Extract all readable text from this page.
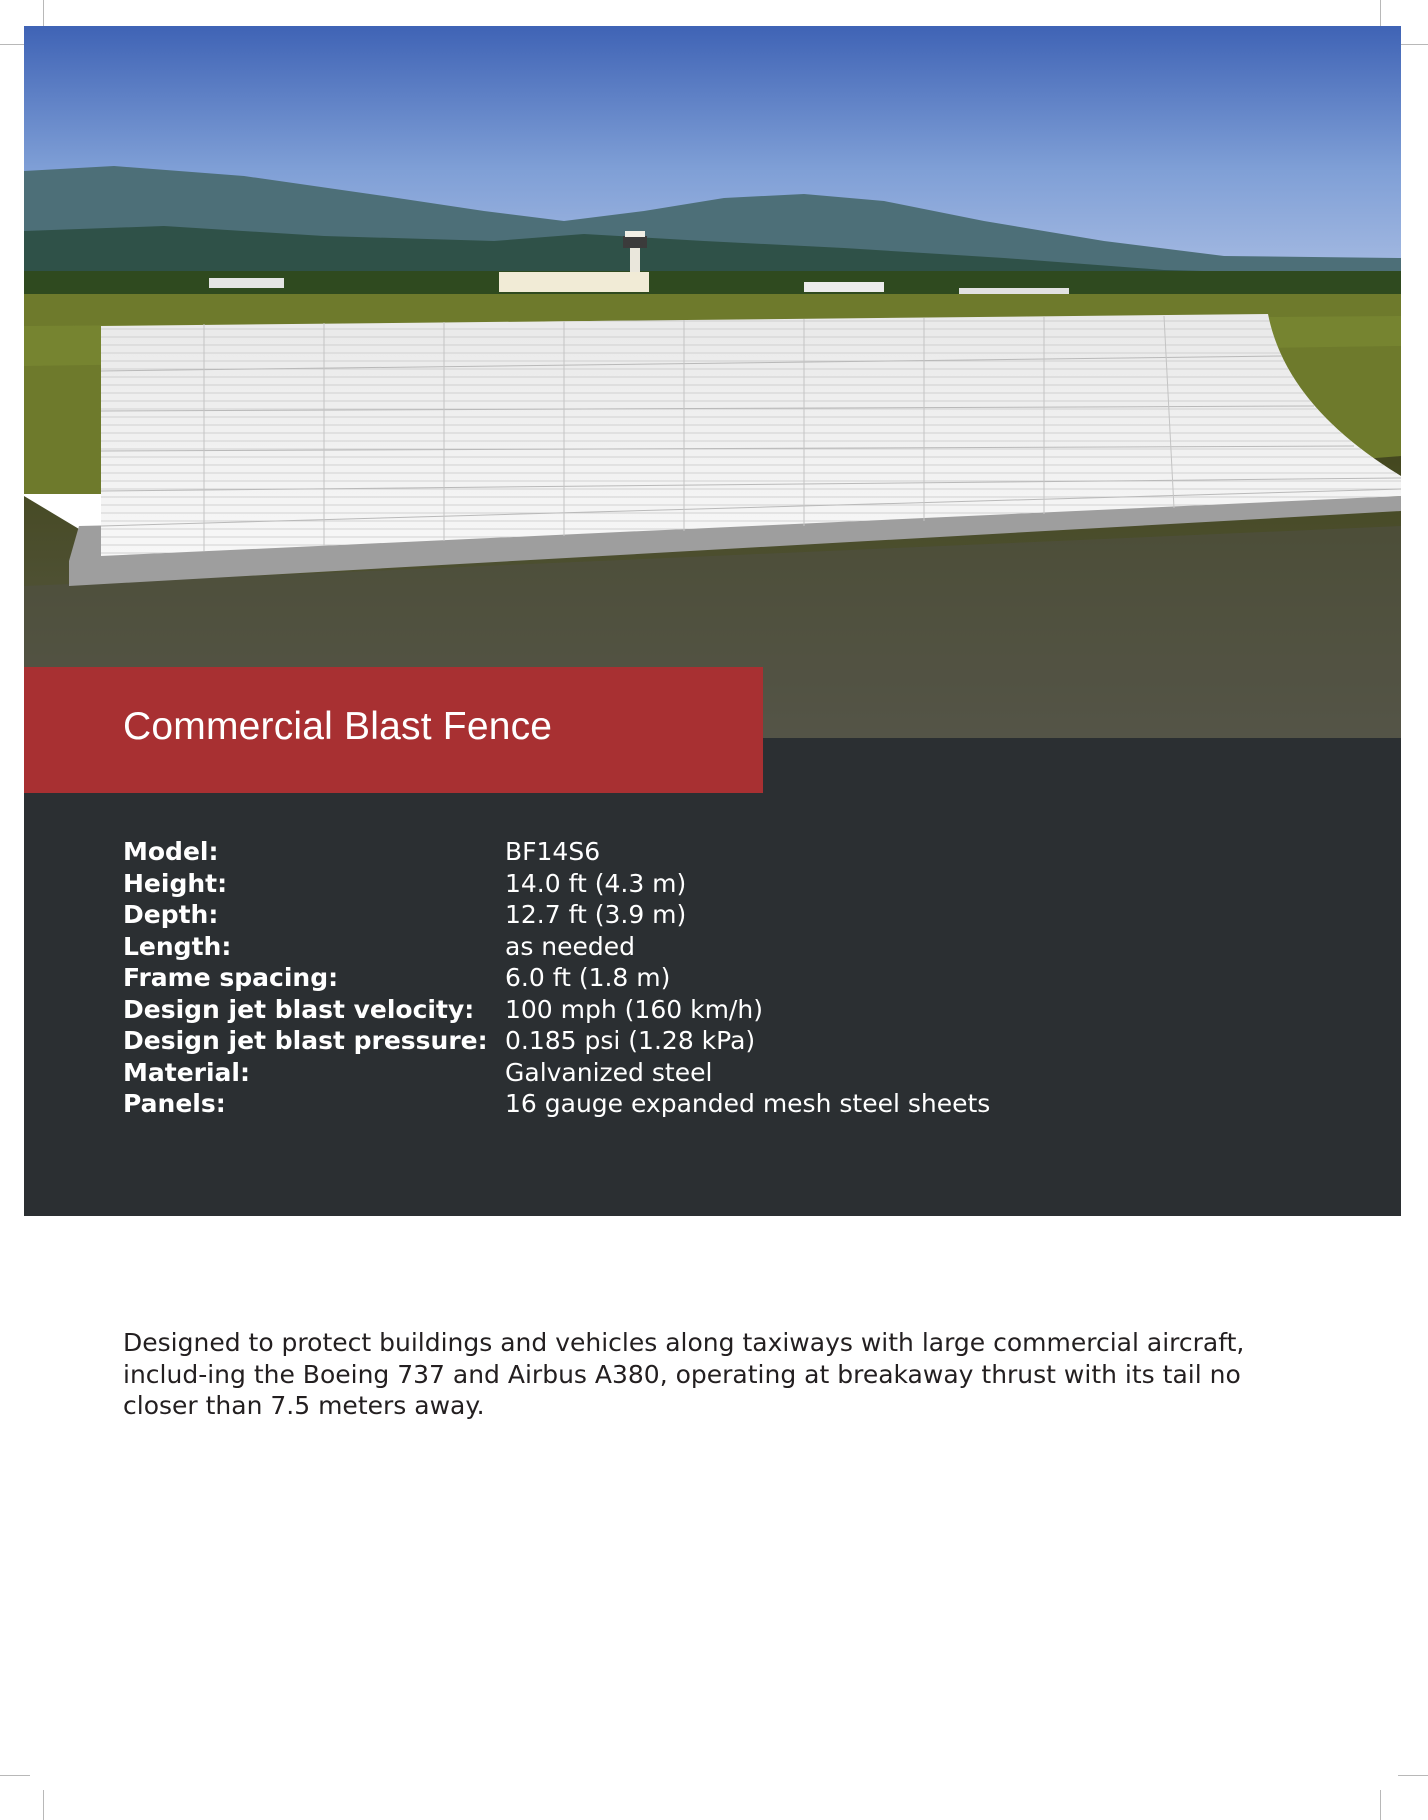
Commercial Blast Fence
Model:	BF14S6
Height:	14.0 ft (4.3 m)
Depth:	12.7 ft (3.9 m)
Length:	as needed
Frame spacing:	6.0 ft (1.8 m)
Design jet blast velocity: 100 mph (160 km/h)
Design jet blast pressure: 0.185 psi (1.28 kPa)
Material:	Galvanized steel
Panels:	16 gauge expanded mesh steel sheets

Designed to protect buildings and vehicles along taxiways with large commercial aircraft, includ-ing the Boeing 737 and Airbus A380, operating at breakaway thrust with its tail no closer than 7.5 meters away.
